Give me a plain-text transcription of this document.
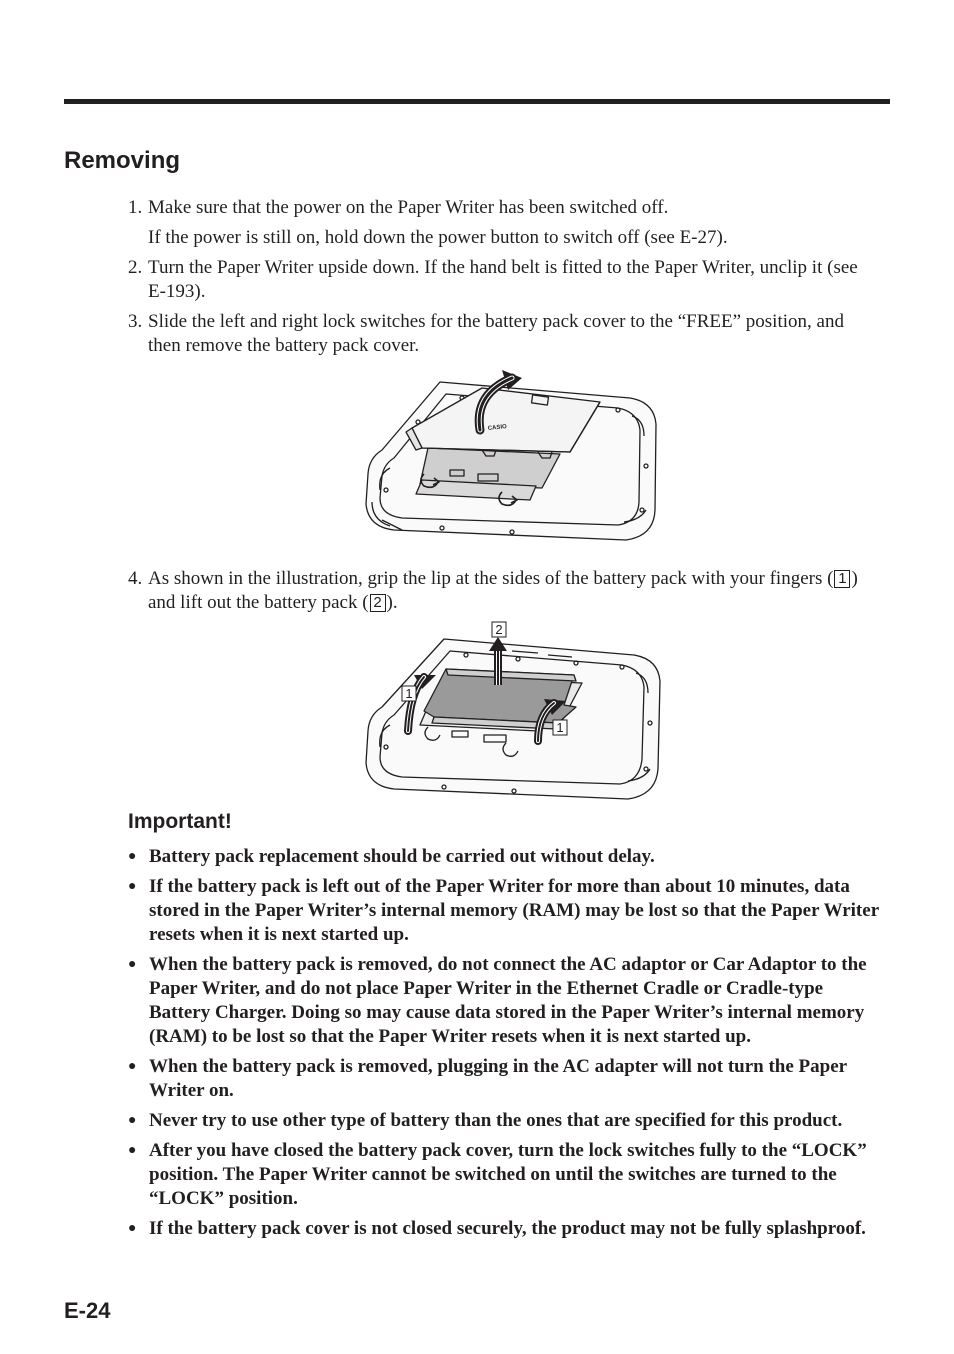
Removing
1. Make sure that the power on the Paper Writer has been switched off.
If the power is still on, hold down the power button to switch off (see E-27).
2. Turn the Paper Writer upside down. If the hand belt is fitted to the Paper Writer, unclip it (see E-193).
3. Slide the left and right lock switches for the battery pack cover to the “FREE” position, and then remove the battery pack cover.
4. As shown in the illustration, grip the lip at the sides of the battery pack with your fingers ( 1 ) and lift out the battery pack ( 2 ).
CASIO
2
1
1
Important!
● Battery pack replacement should be carried out without delay.
● If the battery pack is left out of the Paper Writer for more than about 10 minutes, data stored in the Paper Writer’s internal memory (RAM) may be lost so that the Paper Writer resets when it is next started up.
● When the battery pack is removed, do not connect the AC adaptor or Car Adaptor to the Paper Writer, and do not place Paper Writer in the Ethernet Cradle or Cradle-type Battery Charger. Doing so may cause data stored in the Paper Writer’s internal memory (RAM) to be lost so that the Paper Writer resets when it is next started up.
● When the battery pack is removed, plugging in the AC adapter will not turn the Paper Writer on.
● Never try to use other type of battery than the ones that are specified for this product.
● After you have closed the battery pack cover, turn the lock switches fully to the “LOCK” position. The Paper Writer cannot be switched on until the switches are turned to the “LOCK” position.
● If the battery pack cover is not closed securely, the product may not be fully splashproof.
E-24
